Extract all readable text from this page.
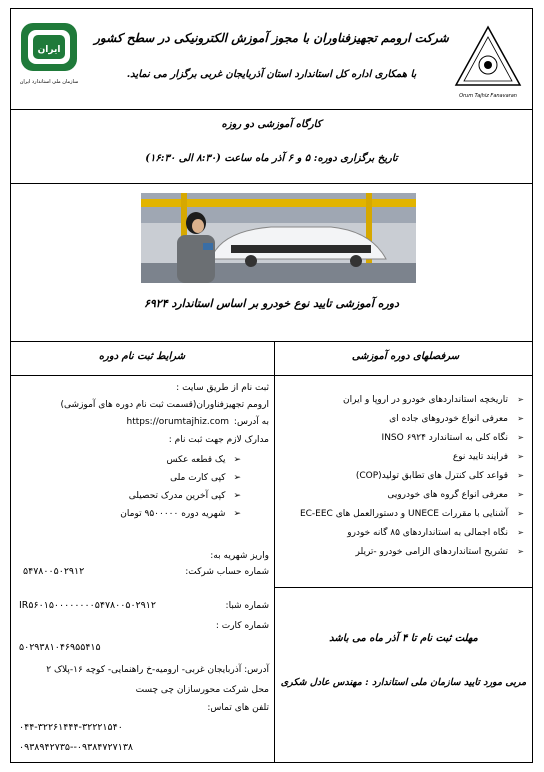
ایران
سازمان ملی استاندارد ایران
شرکت ارومم تجهیزفناوران با مجوز آموزش الکترونیکی در سطح کشور
با همکاری اداره کل استاندارد استان آذربایجان غربی برگزار می نماید.
Orum Tajhiz Fanavaran
کارگاه آموزشی دو روزه
تاریخ برگزاری دوره: ۵ و ۶ آذر ماه ساعت (۸:۳۰ الی ۱۶:۳۰)
دوره آموزشی تایید نوع خودرو بر اساس استاندارد ۶۹۲۴
سرفصلهای دوره آموزشی
شرایط ثبت نام دوره
➢تاریخچه استانداردهای خودرو در اروپا و ایران
➢معرفی انواع خودروهای جاده ای
➢نگاه کلی به استاندارد INSO ۶۹۲۴
➢فرایند تایید نوع
➢قواعد کلی کنترل های تطابق تولید(COP)
➢معرفی انواع گروه های خودرویی
➢آشنایی با مقررات UNECE و دستورالعمل های EC-EEC
➢نگاه اجمالی به استانداردهای ۸۵ گانه خودرو
➢تشریح استانداردهای الزامی خودرو -تریلر
مهلت ثبت نام تا ۴ آذر ماه می باشد
مربی مورد تایید سازمان ملی استاندارد : مهندس عادل شکری
ثبت نام از طریق سایت :
ارومم تجهیزفناوران(قسمت ثبت نام دوره های آموزشی)
به آدرس:
https://orumtajhiz.com
مدارک لازم جهت ثبت نام :
➢یک قطعه عکس
➢کپی کارت ملی
➢کپی آخرین مدرک تحصیلی
➢شهریه دوره ۹۵۰۰۰۰۰ تومان
واریز شهریه به:
شماره حساب شرکت:
۵۴۷۸۰۰۵۰۲۹۱۲
شماره شبا:
IR۵۶۰۱۵۰۰۰۰۰۰۰۰۵۴۷۸۰۰۵۰۲۹۱۲
شماره کارت :
۵۰۲۹۳۸۱۰۴۶۹۵۵۴۱۵
آدرس: آذربایجان غربی- ارومیه-خ راهنمایی- کوچه ۱۶-پلاک ۲
محل شرکت محورسازان چی چست
تلفن های تماس:
۰۴۴-۳۲۲۶۱۴۴۴-۳۲۲۲۱۵۴۰
۰۹۳۸۴۷۲۷۱۳۸--۰۹۳۸۹۴۲۷۳۵
